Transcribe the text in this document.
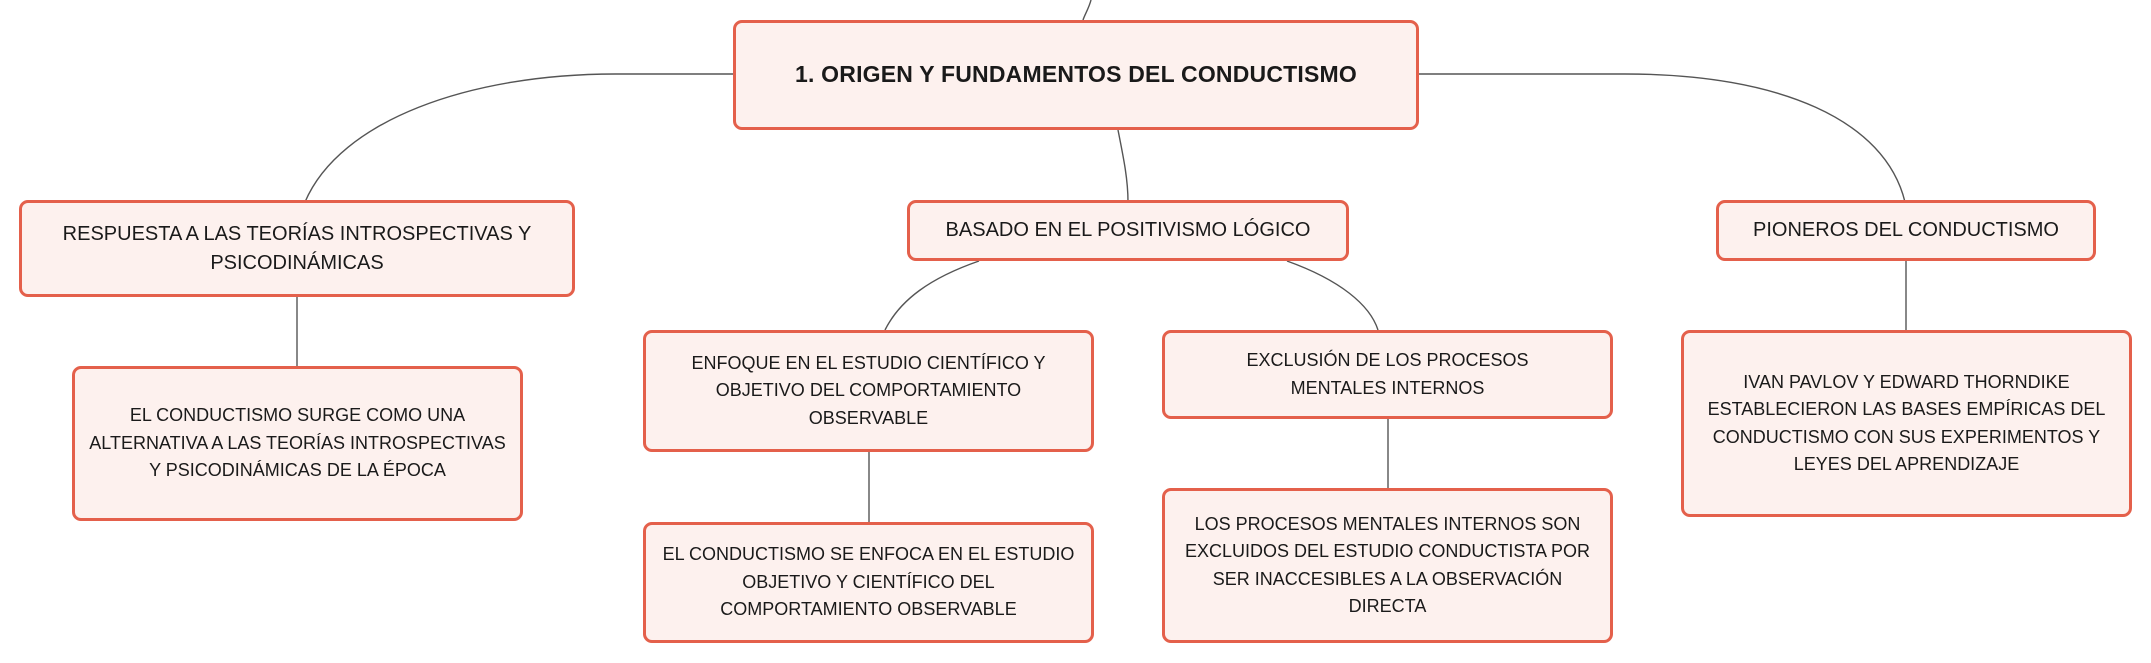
1. ORIGEN Y FUNDAMENTOS DEL CONDUCTISMO
RESPUESTA A LAS TEORÍAS INTROSPECTIVAS Y PSICODINÁMICAS
EL CONDUCTISMO SURGE COMO UNA ALTERNATIVA A LAS TEORÍAS INTROSPECTIVAS Y PSICODINÁMICAS DE LA ÉPOCA
BASADO EN EL POSITIVISMO LÓGICO
ENFOQUE EN EL ESTUDIO CIENTÍFICO Y OBJETIVO DEL COMPORTAMIENTO OBSERVABLE
EL CONDUCTISMO SE ENFOCA EN EL ESTUDIO OBJETIVO Y CIENTÍFICO DEL COMPORTAMIENTO OBSERVABLE
EXCLUSIÓN DE LOS PROCESOS MENTALES INTERNOS
LOS PROCESOS MENTALES INTERNOS SON EXCLUIDOS DEL ESTUDIO CONDUCTISTA POR SER INACCESIBLES A LA OBSERVACIÓN DIRECTA
PIONEROS DEL CONDUCTISMO
IVAN PAVLOV Y EDWARD THORNDIKE ESTABLECIERON LAS BASES EMPÍRICAS DEL CONDUCTISMO CON SUS EXPERIMENTOS Y LEYES DEL APRENDIZAJE
